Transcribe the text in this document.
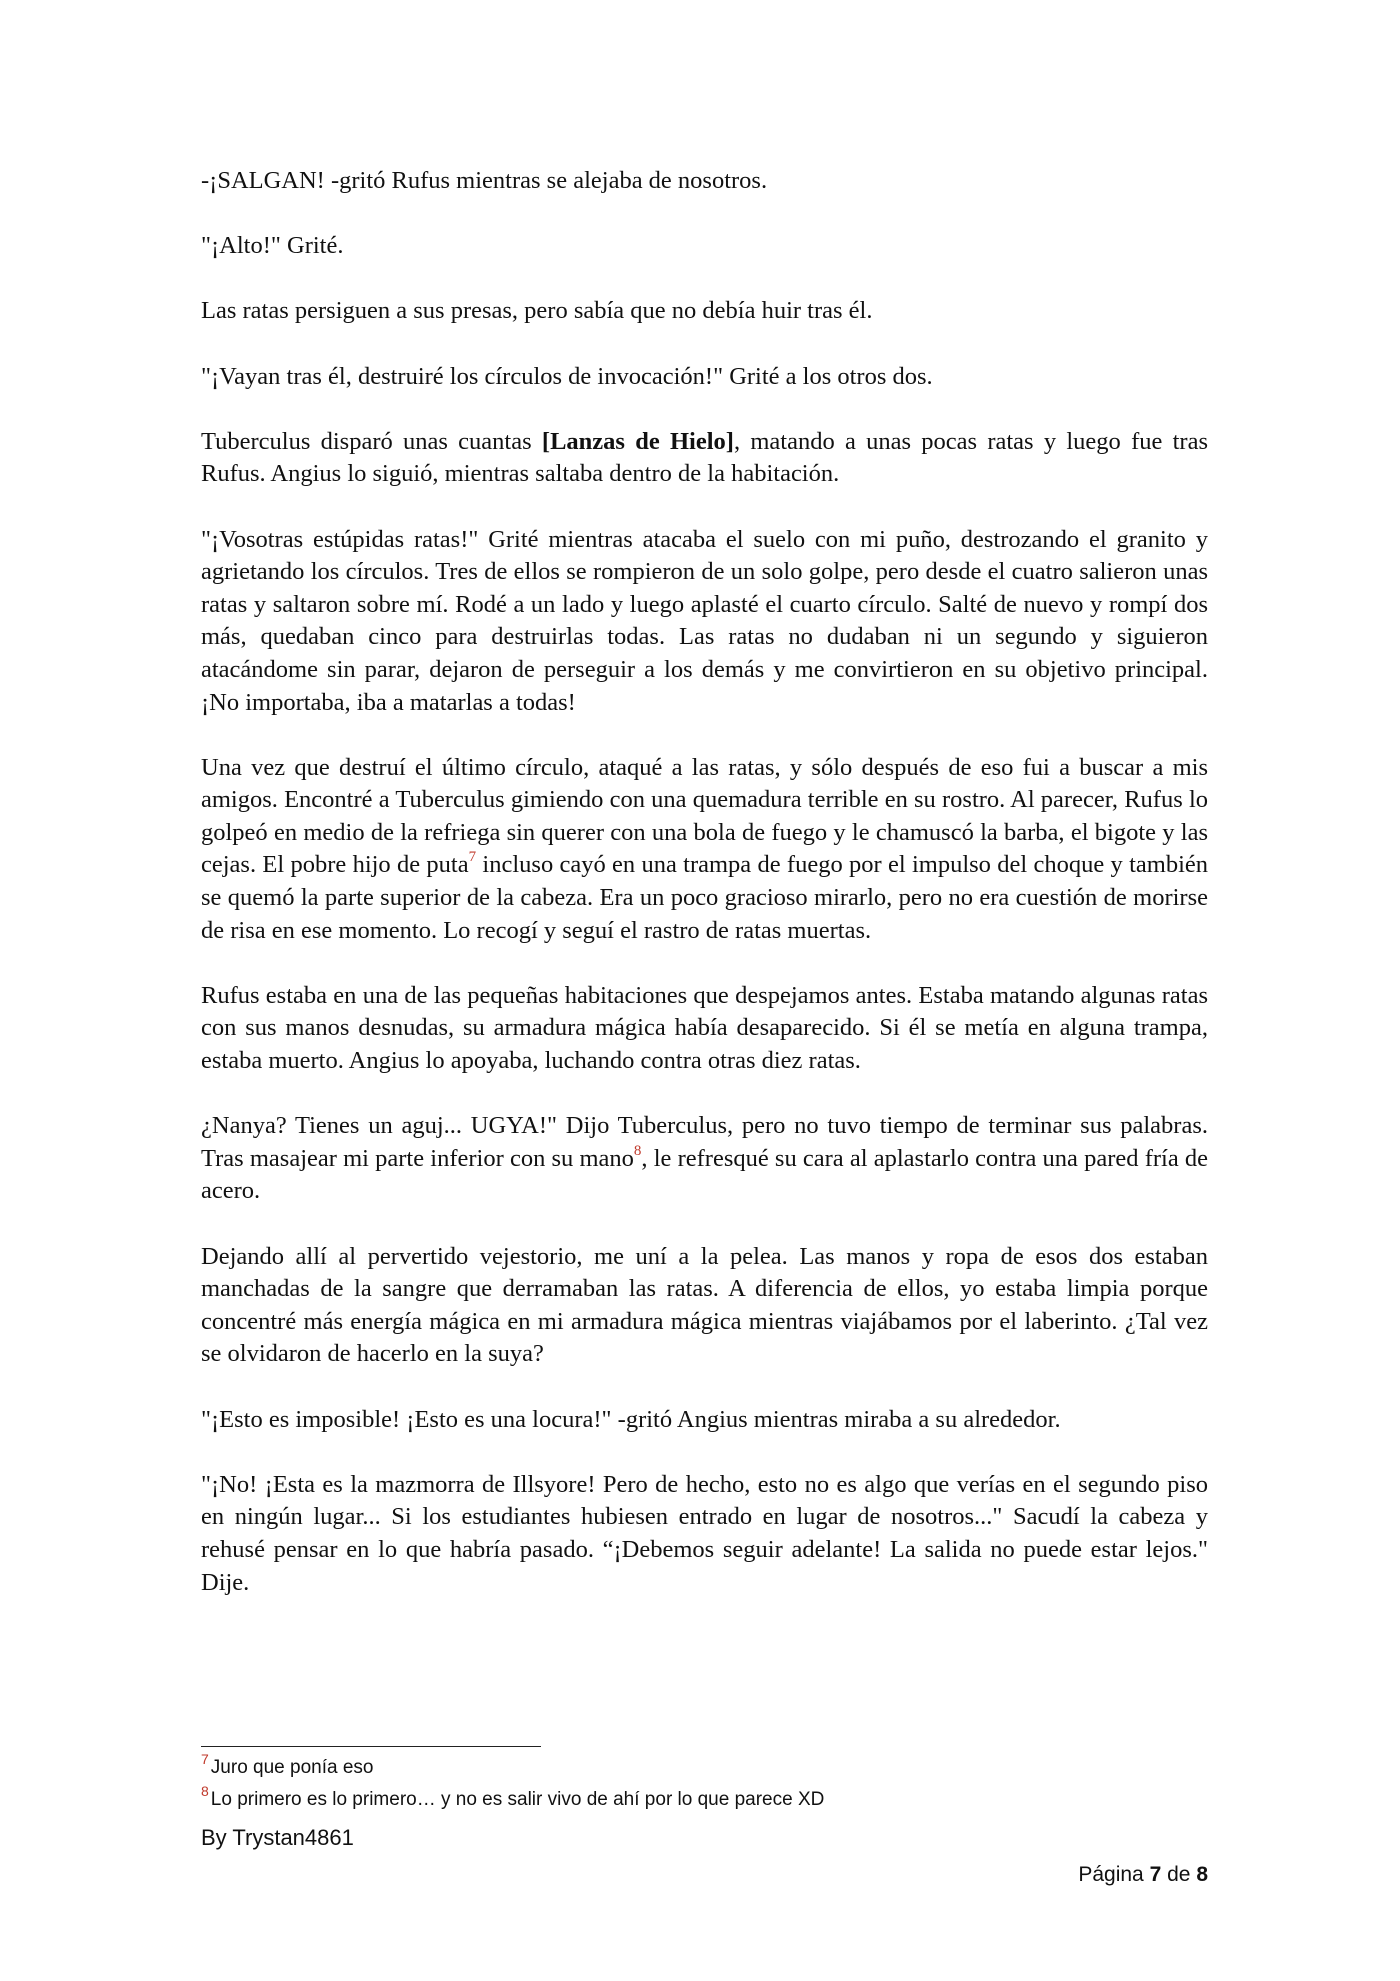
-¡SALGAN! -gritó Rufus mientras se alejaba de nosotros.

"¡Alto!" Grité.

Las ratas persiguen a sus presas, pero sabía que no debía huir tras él.

"¡Vayan tras él, destruiré los círculos de invocación!" Grité a los otros dos.

Tuberculus disparó unas cuantas [Lanzas de Hielo], matando a unas pocas ratas y luego fue tras Rufus. Angius lo siguió, mientras saltaba dentro de la habitación.

"¡Vosotras estúpidas ratas!" Grité mientras atacaba el suelo con mi puño, destrozando el granito y agrietando los círculos. Tres de ellos se rompieron de un solo golpe, pero desde el cuatro salieron unas ratas y saltaron sobre mí. Rodé a un lado y luego aplasté el cuarto círculo. Salté de nuevo y rompí dos más, quedaban cinco para destruirlas todas. Las ratas no dudaban ni un segundo y siguieron atacándome sin parar, dejaron de perseguir a los demás y me convirtieron en su objetivo principal. ¡No importaba, iba a matarlas a todas!

Una vez que destruí el último círculo, ataqué a las ratas, y sólo después de eso fui a buscar a mis amigos. Encontré a Tuberculus gimiendo con una quemadura terrible en su rostro. Al parecer, Rufus lo golpeó en medio de la refriega sin querer con una bola de fuego y le chamuscó la barba, el bigote y las cejas. El pobre hijo de puta$^7$ incluso cayó en una trampa de fuego por el impulso del choque y también se quemó la parte superior de la cabeza. Era un poco gracioso mirarlo, pero no era cuestión de morirse de risa en ese momento. Lo recogí y seguí el rastro de ratas muertas.

Rufus estaba en una de las pequeñas habitaciones que despejamos antes. Estaba matando algunas ratas con sus manos desnudas, su armadura mágica había desaparecido. Si él se metía en alguna trampa, estaba muerto. Angius lo apoyaba, luchando contra otras diez ratas.

¿Nanya? Tienes un aguj... UGYA!" Dijo Tuberculus, pero no tuvo tiempo de terminar sus palabras. Tras masajear mi parte inferior con su mano$^8$, le refresqué su cara al aplastarlo contra una pared fría de acero.

Dejando allí al pervertido vejestorio, me uní a la pelea. Las manos y ropa de esos dos estaban manchadas de la sangre que derramaban las ratas. A diferencia de ellos, yo estaba limpia porque concentré más energía mágica en mi armadura mágica mientras viajábamos por el laberinto. ¿Tal vez se olvidaron de hacerlo en la suya?

"¡Esto es imposible! ¡Esto es una locura!" -gritó Angius mientras miraba a su alrededor.

"¡No! ¡Esta es la mazmorra de Illsyore! Pero de hecho, esto no es algo que verías en el segundo piso en ningún lugar... Si los estudiantes hubiesen entrado en lugar de nosotros..." Sacudí la cabeza y rehusé pensar en lo que habría pasado. “¡Debemos seguir adelante! La salida no puede estar lejos." Dije.

$^7$ Juro que ponía eso

$^8$ Lo primero es lo primero… y no es salir vivo de ahí por lo que parece XD

By Trystan4861
Página 7 de 8
